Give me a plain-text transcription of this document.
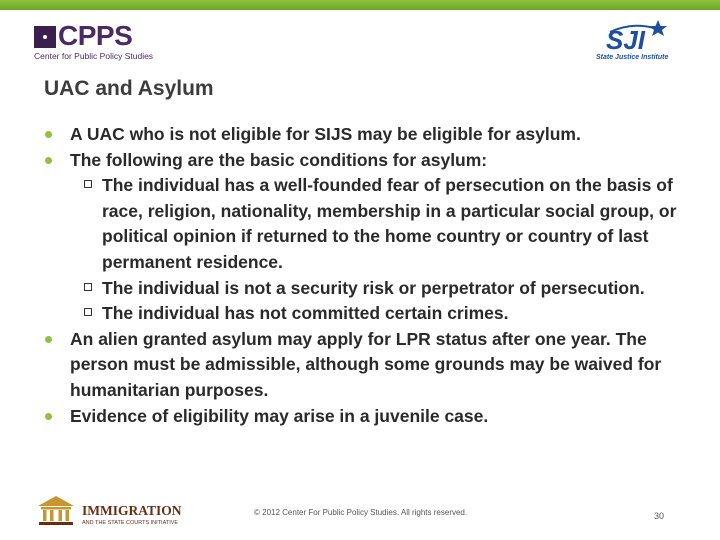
CPPS
Center for Public Policy Studies
SJI
State Justice Institute
UAC and Asylum
A UAC who is not eligible for SIJS may be eligible for asylum.
The following are the basic conditions for asylum:
The individual has a well-founded fear of persecution on the basis of race, religion, nationality, membership in a particular social group, or political opinion if returned to the home country or country of last permanent residence.
The individual is not a security risk or perpetrator of persecution.
The individual has not committed certain crimes.
An alien granted asylum may apply for LPR status after one year. The person must be admissible, although some grounds may be waived for humanitarian purposes.
Evidence of eligibility may arise in a juvenile case.
IMMIGRATION
AND THE STATE COURTS INITIATIVE
© 2012 Center For Public Policy Studies. All rights reserved.	30
